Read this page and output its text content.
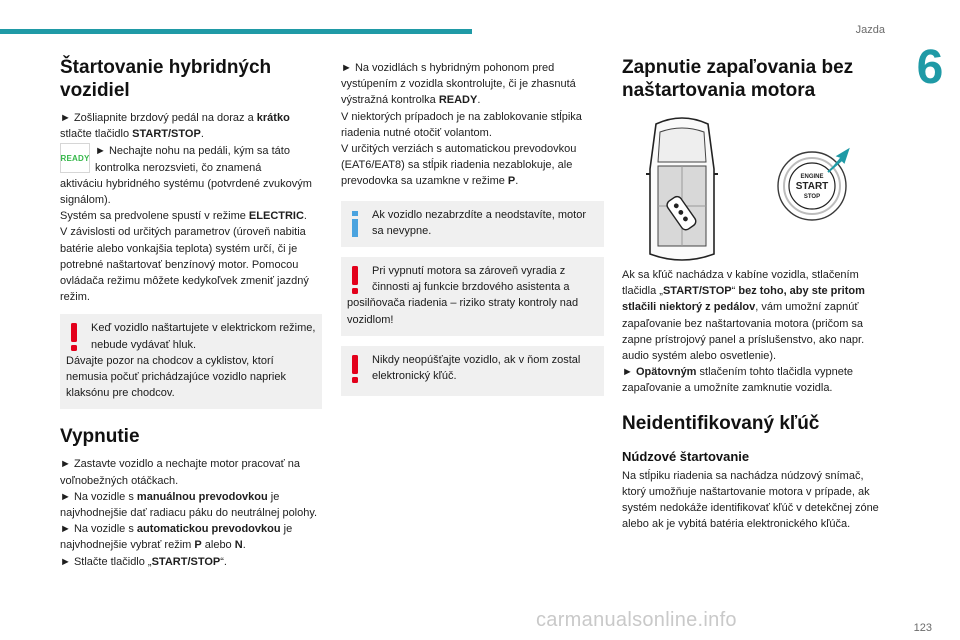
Jazda
6
Štartovanie hybridných vozidiel

► Zošliapnite brzdový pedál na doraz a krátko stlačte tlačidlo START/STOP.

READY

► Nechajte nohu na pedáli, kým sa táto kontrolka nerozsvieti, čo znamená

aktiváciu hybridného systému (potvrdené zvukovým signálom).

Systém sa predvolene spustí v režime ELECTRIC.

V závislosti od určitých parametrov (úroveň nabitia batérie alebo vonkajšia teplota) systém určí, či je potrebné naštartovať benzínový motor. Pomocou ovládača režimu môžete kedykoľvek zmeniť jazdný režim.

Keď vozidlo naštartujete v elektrickom režime, nebude vydávať hluk.

Dávajte pozor na chodcov a cyklistov, ktorí nemusia počuť prichádzajúce vozidlo napriek klaksónu pre chodcov.

Vypnutie

► Zastavte vozidlo a nechajte motor pracovať na voľnobežných otáčkach.

► Na vozidle s manuálnou prevodovkou je najvhodnejšie dať radiacu páku do neutrálnej polohy.

► Na vozidle s automatickou prevodovkou je najvhodnejšie vybrať režim P alebo N.

► Stlačte tlačidlo „START/STOP“.

► Na vozidlách s hybridným pohonom pred vystúpením z vozidla skontrolujte, či je zhasnutá výstražná kontrolka READY.

V niektorých prípadoch je na zablokovanie stĺpika riadenia nutné otočiť volantom.

V určitých verziách s automatickou prevodovkou (EAT6/EAT8) sa stĺpik riadenia nezablokuje, ale prevodovka sa uzamkne v režime P.

Ak vozidlo nezabrzdíte a neodstavíte, motor sa nevypne.

Pri vypnutí motora sa zároveň vyradia z činnosti aj funkcie brzdového asistenta a

posilňovača riadenia – riziko straty kontroly nad vozidlom!

Nikdy neopúšťajte vozidlo, ak v ňom zostal elektronický kľúč.

Zapnutie zapaľovania bez naštartovania motora
ENGINE
START
STOP

Ak sa kľúč nachádza v kabíne vozidla, stlačením tlačidla „START/STOP“ bez toho, aby ste pritom stlačili niektorý z pedálov, vám umožní zapnúť zapaľovanie bez naštartovania motora (pričom sa zapne prístrojový panel a príslušenstvo, ako napr. audio systém alebo osvetlenie).

► Opätovným stlačením tohto tlačidla vypnete zapaľovanie a umožníte zamknutie vozidla.

Neidentifikovaný kľúč
Núdzové štartovanie

Na stĺpiku riadenia sa nachádza núdzový snímač, ktorý umožňuje naštartovanie motora v prípade, ak systém nedokáže identifikovať kľúč v detekčnej zóne alebo ak je vybitá batéria elektronického kľúča.

carmanualsonline.info	123
